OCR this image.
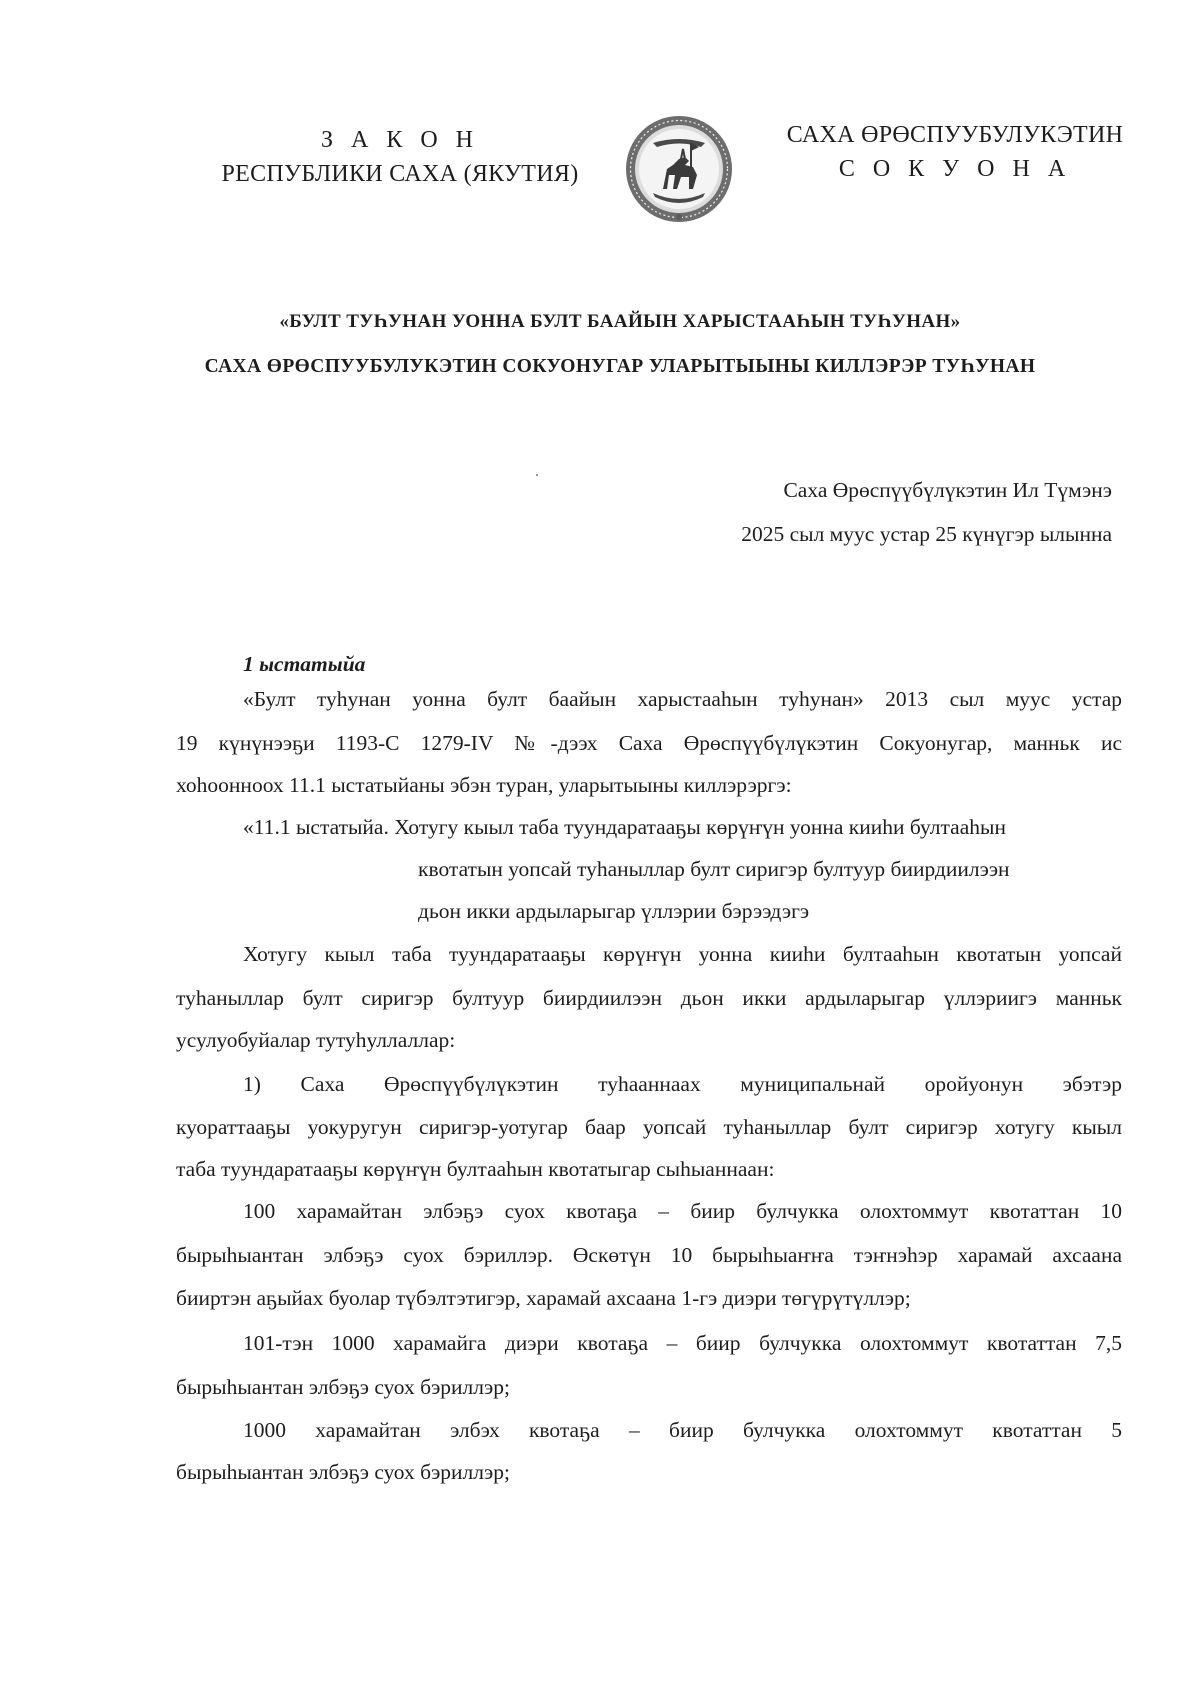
З А К О Н
РЕСПУБЛИКИ САХА (ЯКУТИЯ)
САХА ӨРӨСПУУБУЛУКЭТИН
С О К У О Н А
«БУЛТ ТУҺУНАН УОННА БУЛТ БААЙЫН ХАРЫСТААҺЫН ТУҺУНАН»
САХА ӨРӨСПУУБУЛУКЭТИН СОКУОНУГАР УЛАРЫТЫЫНЫ КИЛЛЭРЭР ТУҺУНАН
Саха Өрөспүүбүлүкэтин Ил Түмэнэ
2025 сыл муус устар 25 күнүгэр ылынна
1 ыстатыйа
«Булт туһунан уонна булт баайын харыстааһын туһунан» 2013 сыл муус устар
19 күнүнээҕи 1193-С 1279-IV №-дээх Саха Өрөспүүбүлүкэтин Сокуонугар, манньк ис
хоһоонноох 11.1 ыстатыйаны эбэн туран, уларытыыны киллэрэргэ:
«11.1 ыстатыйа. Хотугу кыыл таба туундаратааҕы көрүҥүн уонна кииһи бултааһын
квотатын уопсай туһаныллар булт сиригэр бултуур биирдиилээн
дьон икки ардыларыгар үллэрии бэрээдэгэ
Хотугу кыыл таба туундаратааҕы көрүҥүн уонна кииһи бултааһын квотатын уопсай
туһаныллар булт сиригэр бултуур биирдиилээн дьон икки ардыларыгар үллэриигэ манньк
усулуобуйалар тутуһуллаллар:
1) Саха Өрөспүүбүлүкэтин туһааннаах муниципальнай оройуонун эбэтэр
куораттааҕы уокуругун сиригэр-уотугар баар уопсай туһаныллар булт сиригэр хотугу кыыл
таба туундаратааҕы көрүҥүн бултааһын квотатыгар сыһыаннаан:
100 харамайтан элбэҕэ суох квотаҕа – биир булчукка олохтоммут квотаттан 10
бырыһыантан элбэҕэ суох бэриллэр. Өскөтүн 10 бырыһыаҥҥа тэҥнэһэр харамай ахсаана
бииртэн аҕыйах буолар түбэлтэтигэр, харамай ахсаана 1-гэ диэри төгүрүтүллэр;
101-тэн 1000 харамайга диэри квотаҕа – биир булчукка олохтоммут квотаттан 7,5
бырыһыантан элбэҕэ суох бэриллэр;
1000 харамайтан элбэх квотаҕа – биир булчукка олохтоммут квотаттан 5
бырыһыантан элбэҕэ суох бэриллэр;
